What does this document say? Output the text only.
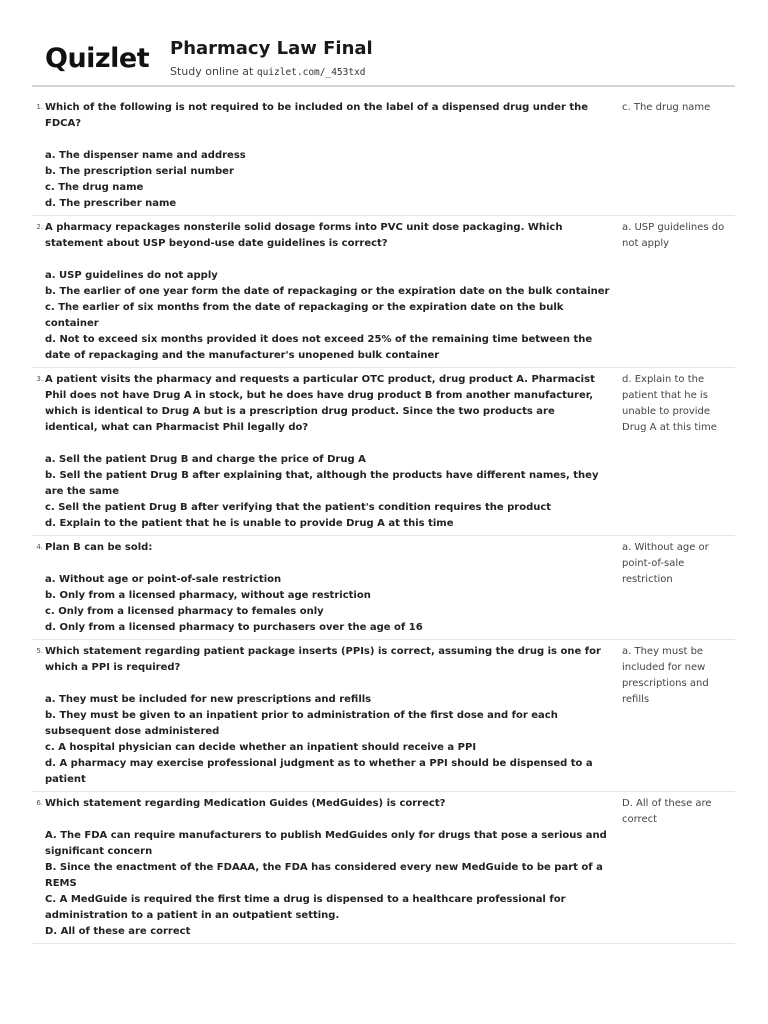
Quizlet Pharmacy Law Final
Study online at quizlet.com/_453txd
1. Which of the following is not required to be included on the label of a dispensed drug under the FDCA?
a. The dispenser name and address
b. The prescription serial number
c. The drug name
d. The prescriber name
c. The drug name
2. A pharmacy repackages nonsterile solid dosage forms into PVC unit dose packaging. Which statement about USP beyond-use date guidelines is correct?
a. USP guidelines do not apply
b. The earlier of one year form the date of repackaging or the expiration date on the bulk container
c. The earlier of six months from the date of repackaging or the expiration date on the bulk container
d. Not to exceed six months provided it does not exceed 25% of the remaining time between the date of repackaging and the manufacturer's unopened bulk container
a. USP guidelines do not apply
3. A patient visits the pharmacy and requests a particular OTC product, drug product A. Pharmacist Phil does not have Drug A in stock, but he does have drug product B from another manufacturer, which is identical to Drug A but is a prescription drug product. Since the two products are identical, what can Pharmacist Phil legally do?
a. Sell the patient Drug B and charge the price of Drug A
b. Sell the patient Drug B after explaining that, although the products have different names, they are the same
c. Sell the patient Drug B after verifying that the patient's condition requires the product
d. Explain to the patient that he is unable to provide Drug A at this time
d. Explain to the patient that he is unable to provide Drug A at this time
4. Plan B can be sold:
a. Without age or point-of-sale restriction
b. Only from a licensed pharmacy, without age restriction
c. Only from a licensed pharmacy to females only
d. Only from a licensed pharmacy to purchasers over the age of 16
a. Without age or point-of-sale restriction
5. Which statement regarding patient package inserts (PPIs) is correct, assuming the drug is one for which a PPI is required?
a. They must be included for new prescriptions and refills
b. They must be given to an inpatient prior to administration of the first dose and for each subsequent dose administered
c. A hospital physician can decide whether an inpatient should receive a PPI
d. A pharmacy may exercise professional judgment as to whether a PPI should be dispensed to a patient
a. They must be included for new prescriptions and refills
6. Which statement regarding Medication Guides (MedGuides) is correct?
A. The FDA can require manufacturers to publish MedGuides only for drugs that pose a serious and significant concern
B. Since the enactment of the FDAAA, the FDA has considered every new MedGuide to be part of a REMS
C. A MedGuide is required the first time a drug is dispensed to a healthcare professional for administration to a patient in an outpatient setting.
D. All of these are correct
D. All of these are correct
